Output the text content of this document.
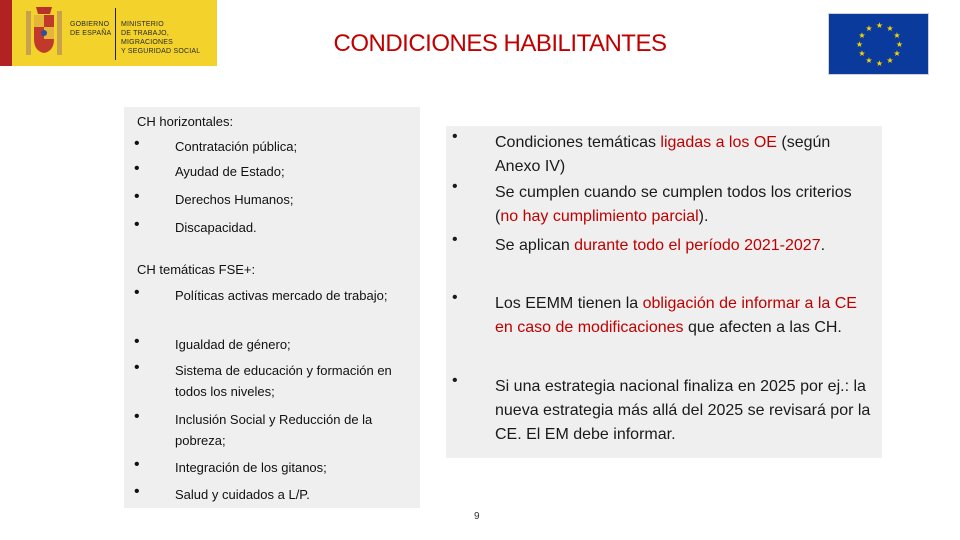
GOBIERNO
DE ESPAÑA
MINISTERIO
DE TRABAJO, MIGRACIONES
Y SEGURIDAD SOCIAL	CONDICIONES HABILITANTES
★ ★
★
★
★
★
★
★
★
★
★
★
CH horizontales:
•	Contratación pública;
•	Ayudad de Estado;
•	Derechos Humanos;
•	Discapacidad.
CH temáticas FSE+:
•	Políticas activas mercado de trabajo;
•	Igualdad de género;
•	Sistema de educación y formación en todos los niveles;
•	Inclusión Social y Reducción de la pobreza;
•	Integración de los gitanos;
•	Salud y cuidados a L/P.
• Condiciones temáticas ligadas a los OE (según Anexo IV)
• Se cumplen cuando se cumplen todos los criterios (no hay cumplimiento parcial).
• Se aplican durante todo el período 2021-2027.
• Los EEMM tienen la obligación de informar a la CE en caso de modificaciones que afecten a las CH.
• Si una estrategia nacional finaliza en 2025 por ej.: la nueva estrategia más allá del 2025 se revisará por la CE. El EM debe informar.
9
